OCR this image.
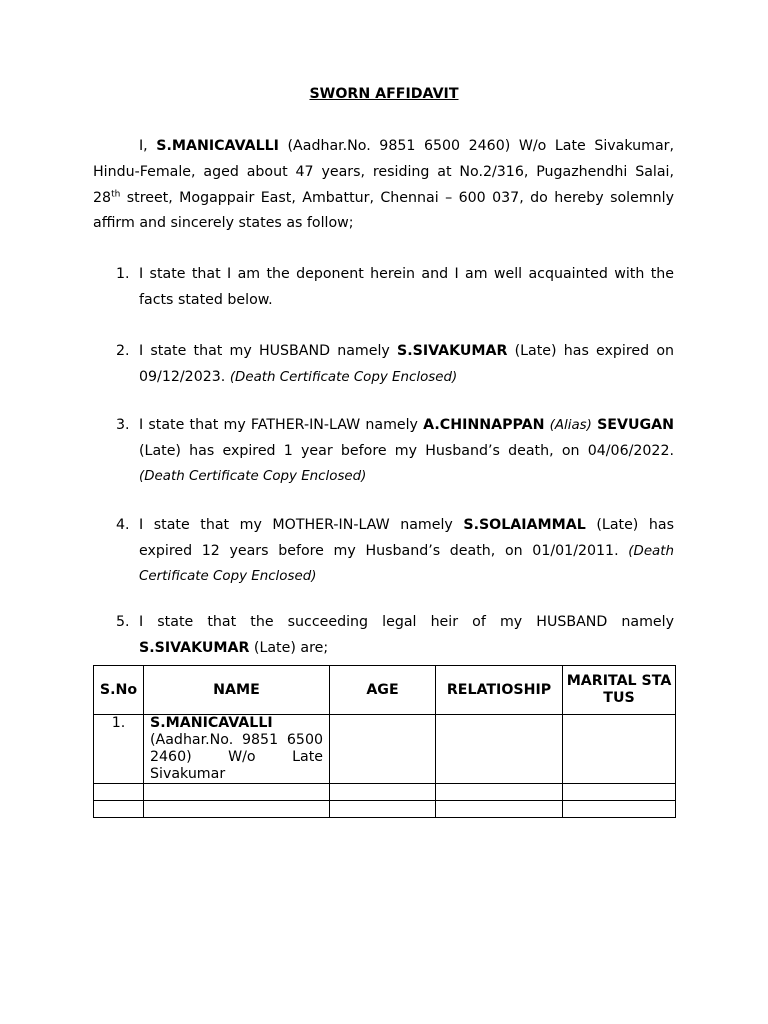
SWORN AFFIDAVIT
I, S.MANICAVALLI (Aadhar.No. 9851 6500 2460) W/o Late Sivakumar, Hindu-Female, aged about 47 years, residing at No.2/316, Pugazhendhi Salai, 28th street, Mogappair East, Ambattur, Chennai – 600 037, do hereby solemnly affirm and sincerely states as follow;
1. I state that I am the deponent herein and I am well acquainted with the facts stated below.
2. I state that my HUSBAND namely S.SIVAKUMAR (Late) has expired on 09/12/2023. (Death Certificate Copy Enclosed)
3. I state that my FATHER-IN-LAW namely A.CHINNAPPAN (Alias) SEVUGAN (Late) has expired 1 year before my Husband’s death, on 04/06/2022. (Death Certificate Copy Enclosed)
4. I state that my MOTHER-IN-LAW namely S.SOLAIAMMAL (Late) has expired 12 years before my Husband’s death, on 01/01/2011. (Death Certificate Copy Enclosed)
5. I state that the succeeding legal heir of my HUSBAND namely S.SIVAKUMAR (Late) are;
S.No	NAME	AGE	RELATIOSHIP	MARITAL STATUS
1.	S.MANICAVALLI
(Aadhar.No. 9851 6500 2460) W/o Late Sivakumar			
